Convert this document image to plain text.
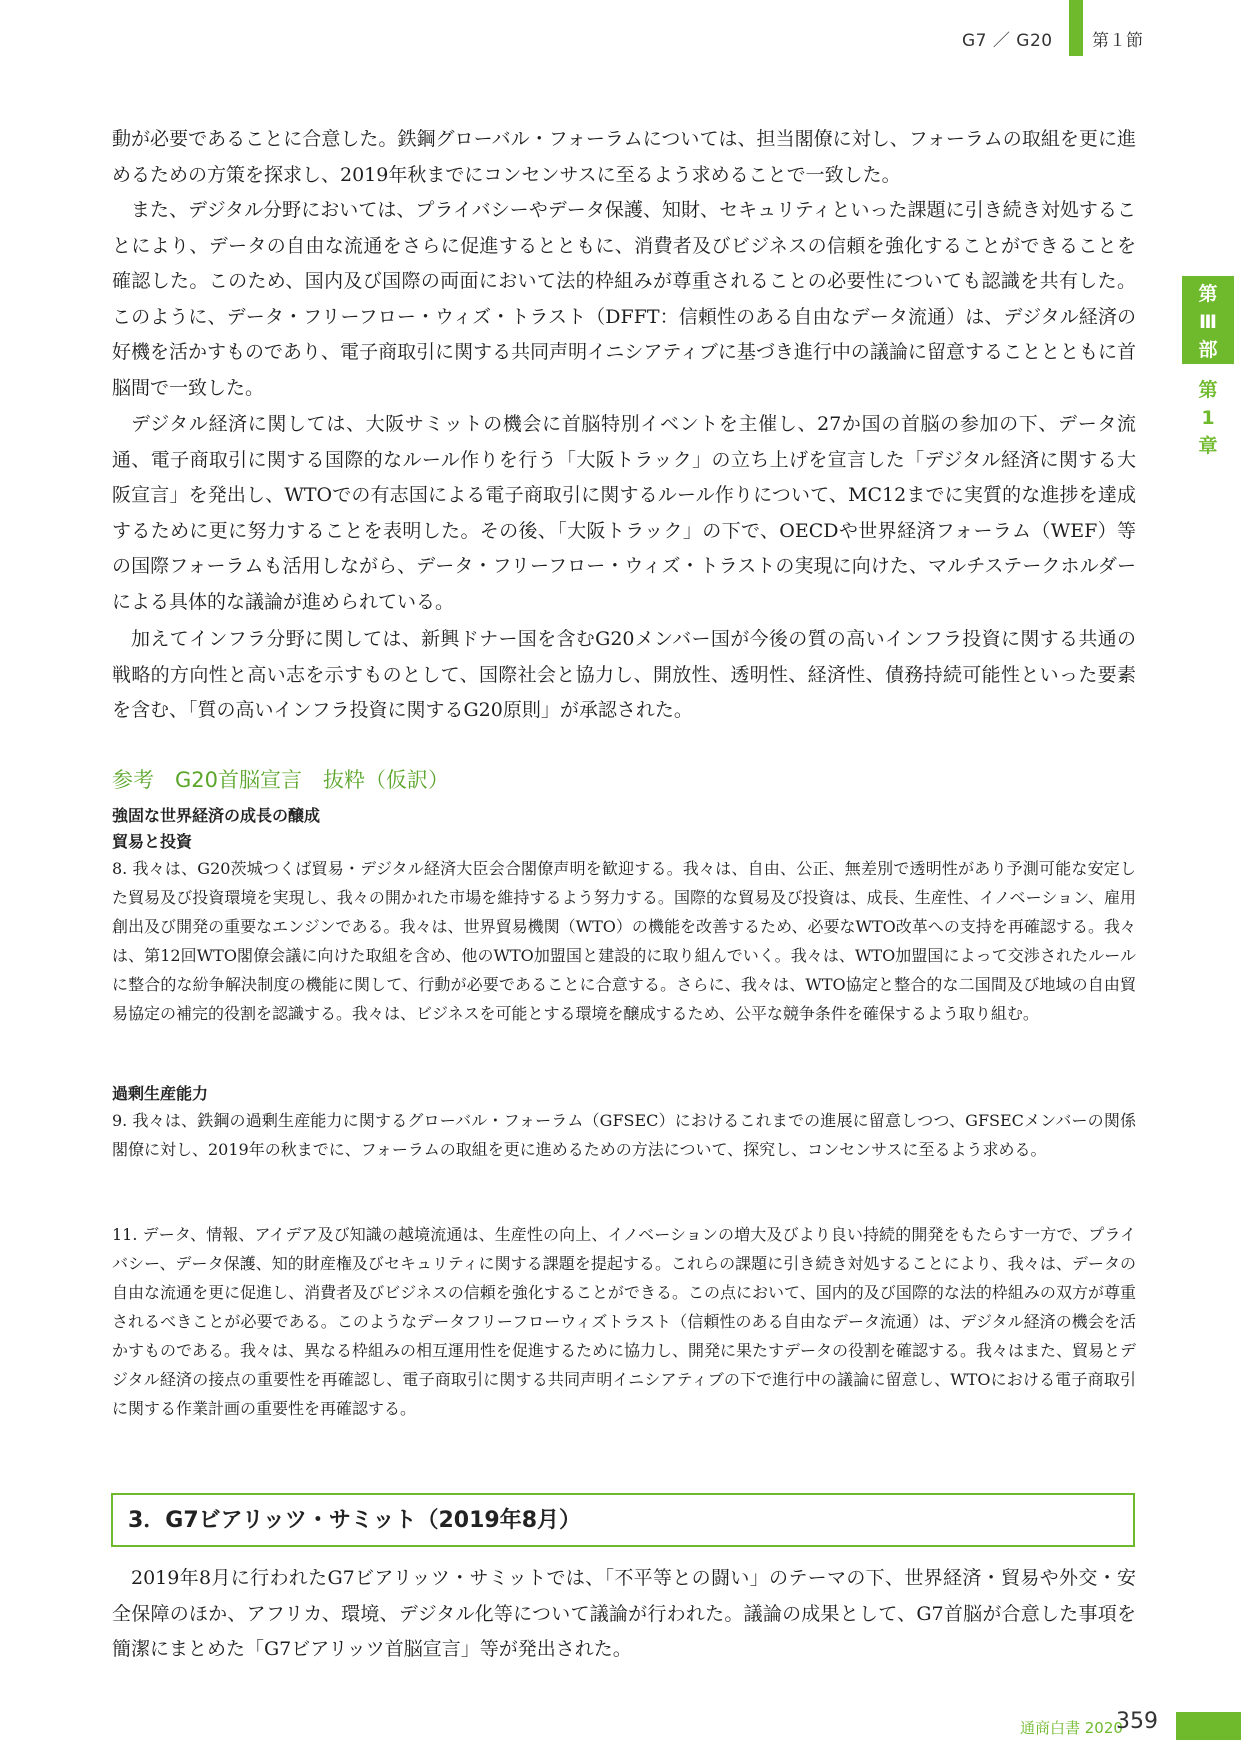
G7 ／ G20 第１節
第
Ⅲ
部
第
1
章

動が必要であることに合意した。鉄鋼グローバル・フォーラムについては、担当閣僚に対し、フォーラムの取組を更に進めるための方策を探求し、2019年秋までにコンセンサスに至るよう求めることで一致した。

また、デジタル分野においては、プライバシーやデータ保護、知財、セキュリティといった課題に引き続き対処することにより、データの自由な流通をさらに促進するとともに、消費者及びビジネスの信頼を強化することができることを確認した。このため、国内及び国際の両面において法的枠組みが尊重されることの必要性についても認識を共有した。このように、データ・フリーフロー・ウィズ・トラスト（DFFT：信頼性のある自由なデータ流通）は、デジタル経済の好機を活かすものであり、電子商取引に関する共同声明イニシアティブに基づき進行中の議論に留意することとともに首脳間で一致した。

デジタル経済に関しては、大阪サミットの機会に首脳特別イベントを主催し、27か国の首脳の参加の下、データ流通、電子商取引に関する国際的なルール作りを行う「大阪トラック」の立ち上げを宣言した「デジタル経済に関する大阪宣言」を発出し、WTOでの有志国による電子商取引に関するルール作りについて、MC12までに実質的な進捗を達成するために更に努力することを表明した。その後、「大阪トラック」の下で、OECDや世界経済フォーラム（WEF）等の国際フォーラムも活用しながら、データ・フリーフロー・ウィズ・トラストの実現に向けた、マルチステークホルダーによる具体的な議論が進められている。

加えてインフラ分野に関しては、新興ドナー国を含むG20メンバー国が今後の質の高いインフラ投資に関する共通の戦略的方向性と高い志を示すものとして、国際社会と協力し、開放性、透明性、経済性、債務持続可能性といった要素を含む、「質の高いインフラ投資に関するG20原則」が承認された。

参考　G20首脳宣言　抜粋（仮訳）
強固な世界経済の成長の醸成
貿易と投資

8. 我々は、G20茨城つくば貿易・デジタル経済大臣会合閣僚声明を歓迎する。我々は、自由、公正、無差別で透明性があり予測可能な安定した貿易及び投資環境を実現し、我々の開かれた市場を維持するよう努力する。国際的な貿易及び投資は、成長、生産性、イノベーション、雇用創出及び開発の重要なエンジンである。我々は、世界貿易機関（WTO）の機能を改善するため、必要なWTO改革への支持を再確認する。我々は、第12回WTO閣僚会議に向けた取組を含め、他のWTO加盟国と建設的に取り組んでいく。我々は、WTO加盟国によって交渉されたルールに整合的な紛争解決制度の機能に関して、行動が必要であることに合意する。さらに、我々は、WTO協定と整合的な二国間及び地域の自由貿易協定の補完的役割を認識する。我々は、ビジネスを可能とする環境を醸成するため、公平な競争条件を確保するよう取り組む。

過剰生産能力

9. 我々は、鉄鋼の過剰生産能力に関するグローバル・フォーラム（GFSEC）におけるこれまでの進展に留意しつつ、GFSECメンバーの関係閣僚に対し、2019年の秋までに、フォーラムの取組を更に進めるための方法について、探究し、コンセンサスに至るよう求める。

11. データ、情報、アイデア及び知識の越境流通は、生産性の向上、イノベーションの増大及びより良い持続的開発をもたらす一方で、プライバシー、データ保護、知的財産権及びセキュリティに関する課題を提起する。これらの課題に引き続き対処することにより、我々は、データの自由な流通を更に促進し、消費者及びビジネスの信頼を強化することができる。この点において、国内的及び国際的な法的枠組みの双方が尊重されるべきことが必要である。このようなデータフリーフローウィズトラスト（信頼性のある自由なデータ流通）は、デジタル経済の機会を活かすものである。我々は、異なる枠組みの相互運用性を促進するために協力し、開発に果たすデータの役割を確認する。我々はまた、貿易とデジタル経済の接点の重要性を再確認し、電子商取引に関する共同声明イニシアティブの下で進行中の議論に留意し、WTOにおける電子商取引に関する作業計画の重要性を再確認する。

3．G7ビアリッツ・サミット（2019年8月）

2019年8月に行われたG7ビアリッツ・サミットでは、「不平等との闘い」のテーマの下、世界経済・貿易や外交・安全保障のほか、アフリカ、環境、デジタル化等について議論が行われた。議論の成果として、G7首脳が合意した事項を簡潔にまとめた「G7ビアリッツ首脳宣言」等が発出された。

通商白書 2020
359
